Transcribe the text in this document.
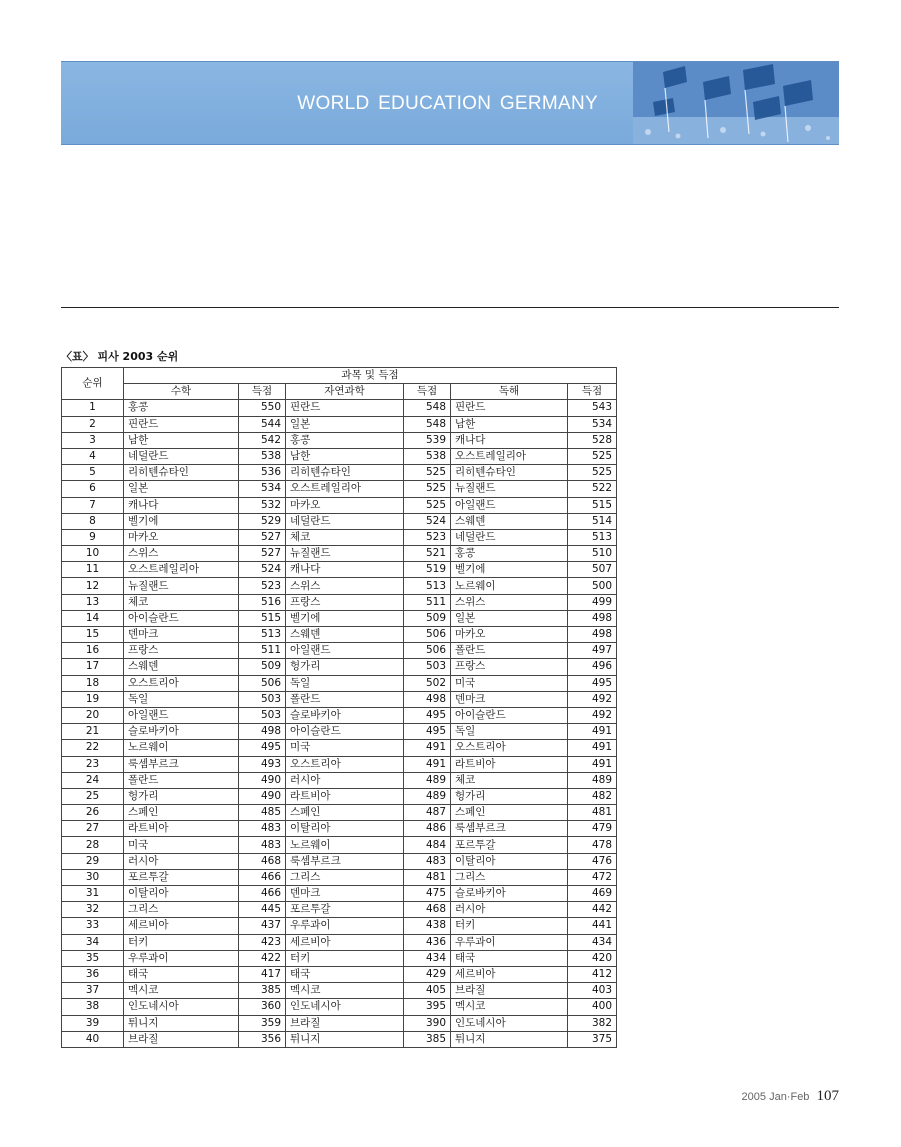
WORLD EDUCATION GERMANY
〈표〉 피사 2003 순위
순위	과목 및 득점					
	수학	득점	자연과학	득점	독해	득점
1	홍콩	550	핀란드	548	핀란드	543
2	핀란드	544	일본	548	남한	534
3	남한	542	홍콩	539	캐나다	528
4	네덜란드	538	남한	538	오스트레일리아	525
5	리히텐슈타인	536	리히텐슈타인	525	리히텐슈타인	525
6	일본	534	오스트레일리아	525	뉴질랜드	522
7	캐나다	532	마카오	525	아일랜드	515
8	벨기에	529	네덜란드	524	스웨덴	514
9	마카오	527	체코	523	네덜란드	513
10	스위스	527	뉴질랜드	521	홍콩	510
11	오스트레일리아	524	캐나다	519	벨기에	507
12	뉴질랜드	523	스위스	513	노르웨이	500
13	체코	516	프랑스	511	스위스	499
14	아이슬란드	515	벨기에	509	일본	498
15	덴마크	513	스웨덴	506	마카오	498
16	프랑스	511	아일랜드	506	폴란드	497
17	스웨덴	509	헝가리	503	프랑스	496
18	오스트리아	506	독일	502	미국	495
19	독일	503	폴란드	498	덴마크	492
20	아일랜드	503	슬로바키아	495	아이슬란드	492
21	슬로바키아	498	아이슬란드	495	독일	491
22	노르웨이	495	미국	491	오스트리아	491
23	룩셈부르크	493	오스트리아	491	라트비아	491
24	폴란드	490	러시아	489	체코	489
25	헝가리	490	라트비아	489	헝가리	482
26	스페인	485	스페인	487	스페인	481
27	라트비아	483	이탈리아	486	룩셈부르크	479
28	미국	483	노르웨이	484	포르투갈	478
29	러시아	468	룩셈부르크	483	이탈리아	476
30	포르투갈	466	그리스	481	그리스	472
31	이탈리아	466	덴마크	475	슬로바키아	469
32	그리스	445	포르투갈	468	러시아	442
33	세르비아	437	우루과이	438	터키	441
34	터키	423	세르비아	436	우루과이	434
35	우루과이	422	터키	434	태국	420
36	태국	417	태국	429	세르비아	412
37	멕시코	385	멕시코	405	브라질	403
38	인도네시아	360	인도네시아	395	멕시코	400
39	튀니지	359	브라질	390	인도네시아	382
40	브라질	356	튀니지	385	튀니지	375
2005 Jan·Feb 107
